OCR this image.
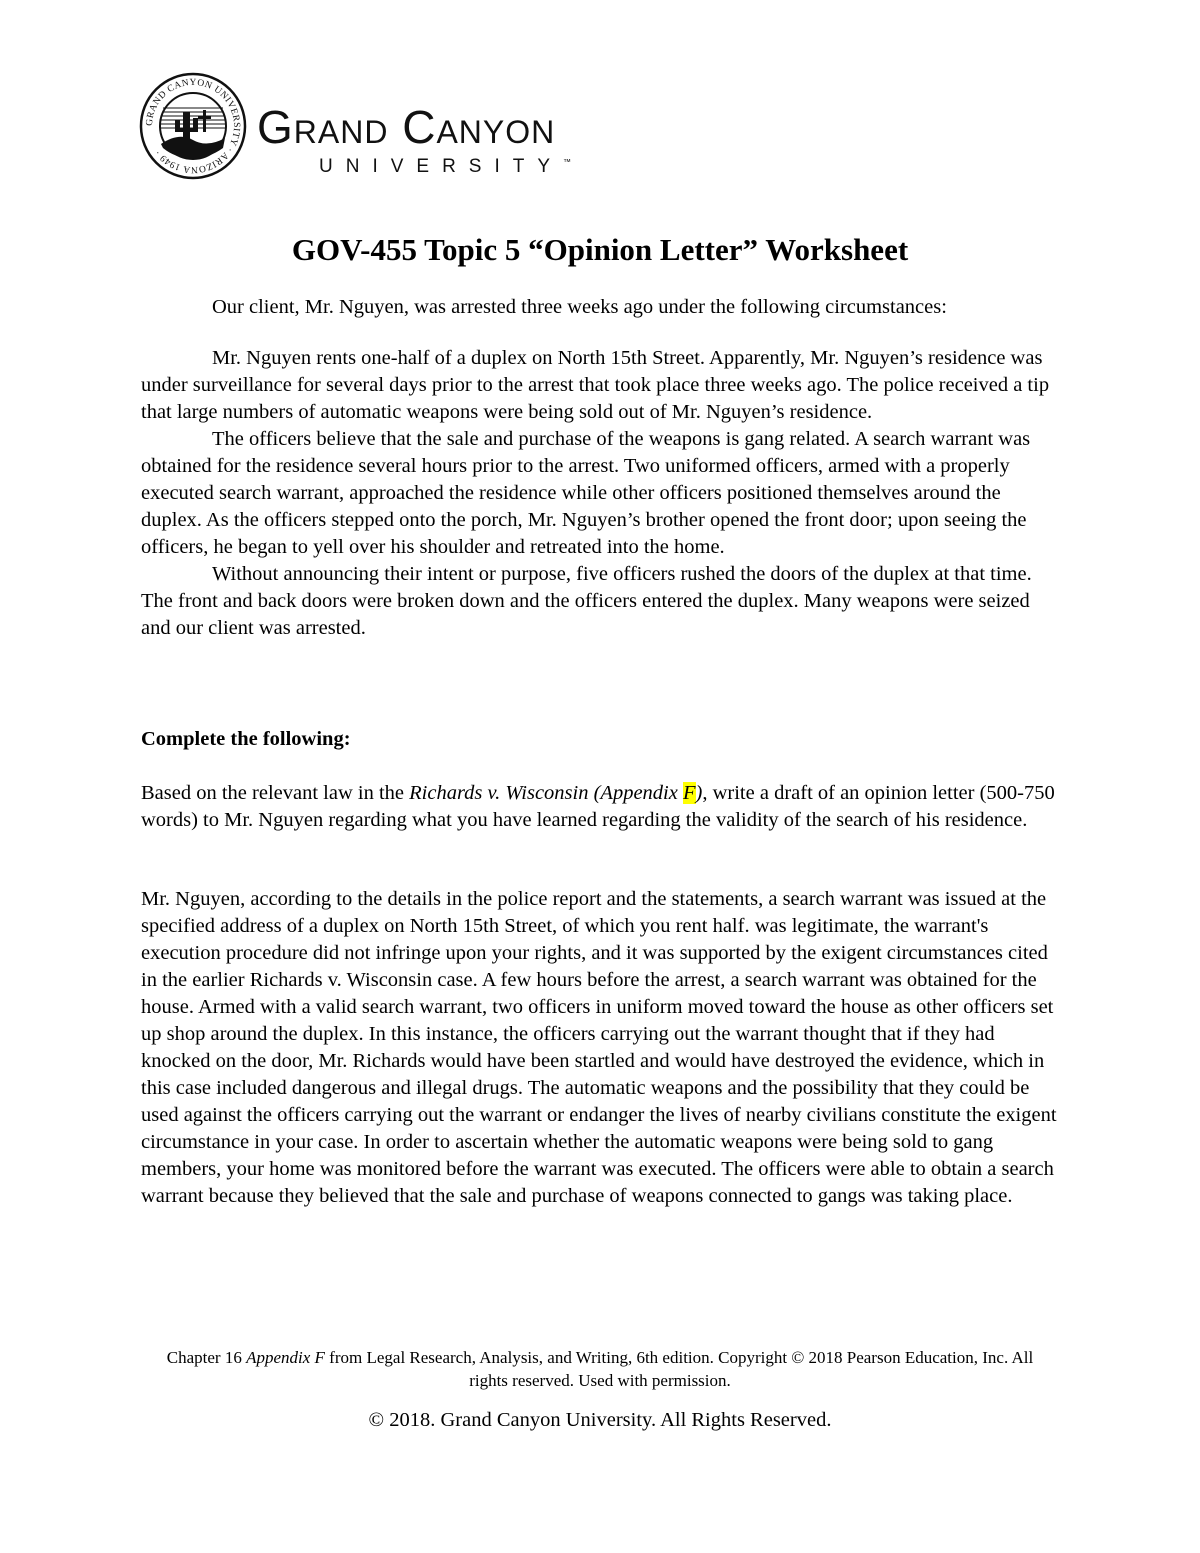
GRAND CANYON UNIVERSITY · ARIZONA 1949 ·	Grand Canyon
UNIVERSITY™
GOV-455 Topic 5 “Opinion Letter” Worksheet
Our client, Mr. Nguyen, was arrested three weeks ago under the following circumstances:

Mr. Nguyen rents one-half of a duplex on North 15th Street. Apparently, Mr. Nguyen’s residence was under surveillance for several days prior to the arrest that took place three weeks ago. The police received a tip that large numbers of automatic weapons were being sold out of Mr. Nguyen’s residence.

The officers believe that the sale and purchase of the weapons is gang related. A search warrant was obtained for the residence several hours prior to the arrest. Two uniformed officers, armed with a properly executed search warrant, approached the residence while other officers positioned themselves around the duplex. As the officers stepped onto the porch, Mr. Nguyen’s brother opened the front door; upon seeing the officers, he began to yell over his shoulder and retreated into the home.

Without announcing their intent or purpose, five officers rushed the doors of the duplex at that time. The front and back doors were broken down and the officers entered the duplex. Many weapons were seized and our client was arrested.

Complete the following:
Based on the relevant law in the Richards v. Wisconsin (Appendix F), write a draft of an opinion letter (500-750 words) to Mr. Nguyen regarding what you have learned regarding the validity of the search of his residence.
Mr. Nguyen, according to the details in the police report and the statements, a search warrant was issued at the specified address of a duplex on North 15th Street, of which you rent half. was legitimate, the warrant's execution procedure did not infringe upon your rights, and it was supported by the exigent circumstances cited in the earlier Richards v. Wisconsin case. A few hours before the arrest, a search warrant was obtained for the house. Armed with a valid search warrant, two officers in uniform moved toward the house as other officers set up shop around the duplex. In this instance, the officers carrying out the warrant thought that if they had knocked on the door, Mr. Richards would have been startled and would have destroyed the evidence, which in this case included dangerous and illegal drugs. The automatic weapons and the possibility that they could be used against the officers carrying out the warrant or endanger the lives of nearby civilians constitute the exigent circumstance in your case. In order to ascertain whether the automatic weapons were being sold to gang members, your home was monitored before the warrant was executed. The officers were able to obtain a search warrant because they believed that the sale and purchase of weapons connected to gangs was taking place.
Chapter 16 Appendix F from Legal Research, Analysis, and Writing, 6th edition. Copyright © 2018 Pearson Education, Inc. All rights reserved. Used with permission.
© 2018. Grand Canyon University. All Rights Reserved.
